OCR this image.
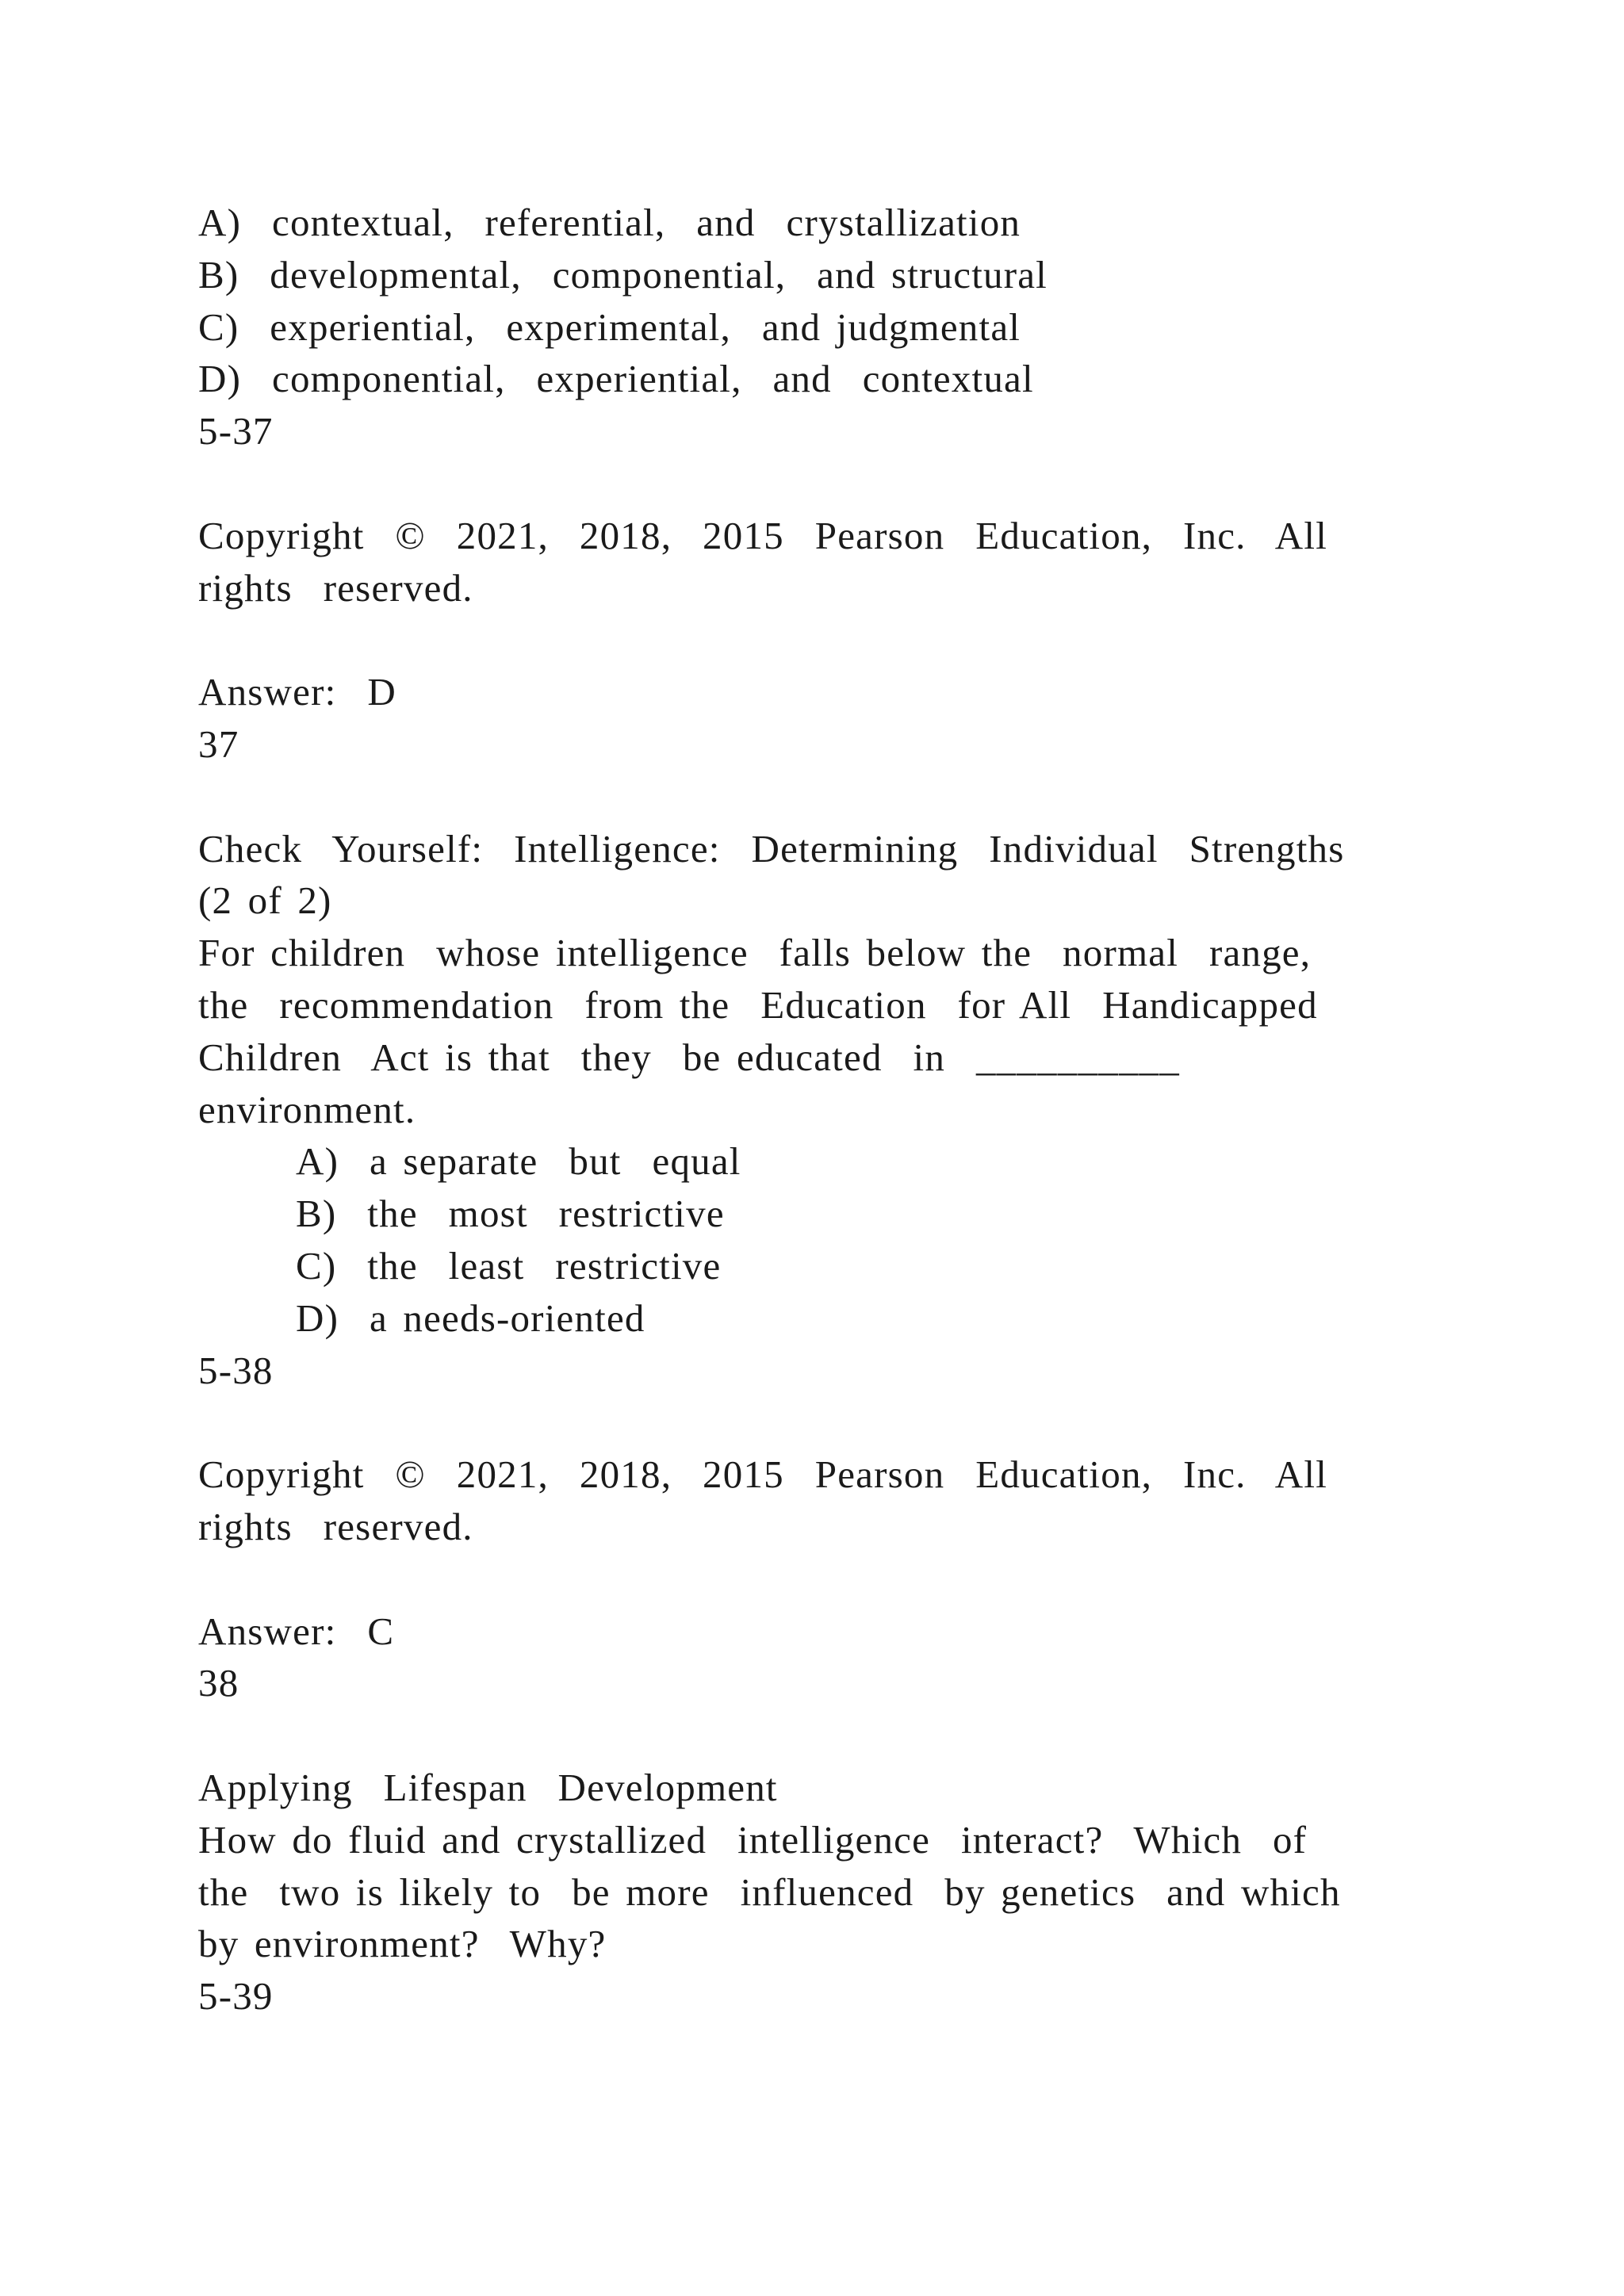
A)  contextual,  referential,  and  crystallization
B)  developmental,  componential,  and structural
C)  experiential,  experimental,  and judgmental
D)  componential,  experiential,  and  contextual
5-37
Copyright  ©  2021,  2018,  2015  Pearson  Education,  Inc.  All
rights  reserved.
Answer:  D
37
Check  Yourself:  Intelligence:  Determining  Individual  Strengths
(2 of 2)
For children  whose intelligence  falls below the  normal  range,
the  recommendation  from the  Education  for All  Handicapped
Children  Act is that  they  be educated  in  __________
environment.
A)  a separate  but  equal
B)  the  most  restrictive
C)  the  least  restrictive
D)  a needs-oriented
5-38
Copyright  ©  2021,  2018,  2015  Pearson  Education,  Inc.  All
rights  reserved.
Answer:  C
38
Applying  Lifespan  Development
How do fluid and crystallized  intelligence  interact?  Which  of
the  two is likely to  be more  influenced  by genetics  and which
by environment?  Why?
5-39
